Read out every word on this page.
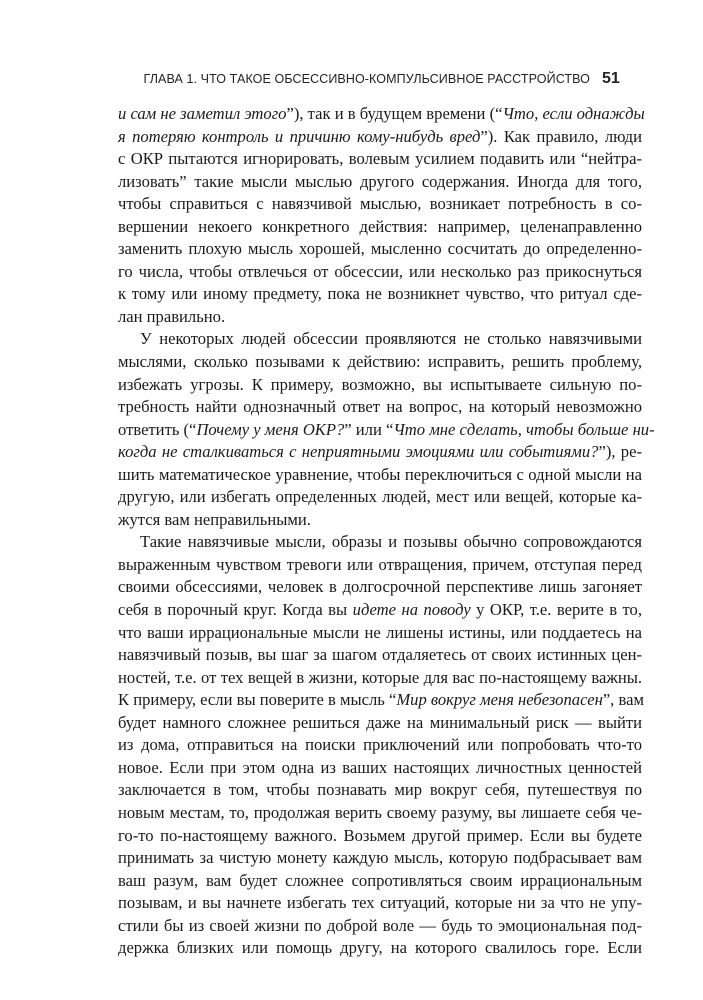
ГЛАВА 1. ЧТО ТАКОЕ ОБСЕССИВНО-КОМПУЛЬСИВНОЕ РАССТРОЙСТВО 51
и сам не заметил этого”), так и в будущем времени (“Что, если однажды
я потеряю контроль и причиню кому-нибудь вред”). Как правило, люди
с ОКР пытаются игнорировать, волевым усилием подавить или “нейтра-
лизовать” такие мысли мыслью другого содержания. Иногда для того,
чтобы справиться с навязчивой мыслью, возникает потребность в со-
вершении некоего конкретного действия: например, целенаправленно
заменить плохую мысль хорошей, мысленно сосчитать до определенно-
го числа, чтобы отвлечься от обсессии, или несколько раз прикоснуться
к тому или иному предмету, пока не возникнет чувство, что ритуал сде-
лан правильно.
У некоторых людей обсессии проявляются не столько навязчивыми
мыслями, сколько позывами к действию: исправить, решить проблему,
избежать угрозы. К примеру, возможно, вы испытываете сильную по-
требность найти однозначный ответ на вопрос, на который невозможно
ответить (“Почему у меня ОКР?” или “Что мне сделать, чтобы больше ни-
когда не сталкиваться с неприятными эмоциями или событиями?”), ре-
шить математическое уравнение, чтобы переключиться с одной мысли на
другую, или избегать определенных людей, мест или вещей, которые ка-
жутся вам неправильными.
Такие навязчивые мысли, образы и позывы обычно сопровождаются
выраженным чувством тревоги или отвращения, причем, отступая перед
своими обсессиями, человек в долгосрочной перспективе лишь загоняет
себя в порочный круг. Когда вы идете на поводу у ОКР, т.е. верите в то,
что ваши иррациональные мысли не лишены истины, или поддаетесь на
навязчивый позыв, вы шаг за шагом отдаляетесь от своих истинных цен-
ностей, т.е. от тех вещей в жизни, которые для вас по-настоящему важны.
К примеру, если вы поверите в мысль “Мир вокруг меня небезопасен”, вам
будет намного сложнее решиться даже на минимальный риск — выйти
из дома, отправиться на поиски приключений или попробовать что-то
новое. Если при этом одна из ваших настоящих личностных ценностей
заключается в том, чтобы познавать мир вокруг себя, путешествуя по
новым местам, то, продолжая верить своему разуму, вы лишаете себя че-
го-то по-настоящему важного. Возьмем другой пример. Если вы будете
принимать за чистую монету каждую мысль, которую подбрасывает вам
ваш разум, вам будет сложнее сопротивляться своим иррациональным
позывам, и вы начнете избегать тех ситуаций, которые ни за что не упу-
стили бы из своей жизни по доброй воле — будь то эмоциональная под-
держка близких или помощь другу, на которого свалилось горе. Если
